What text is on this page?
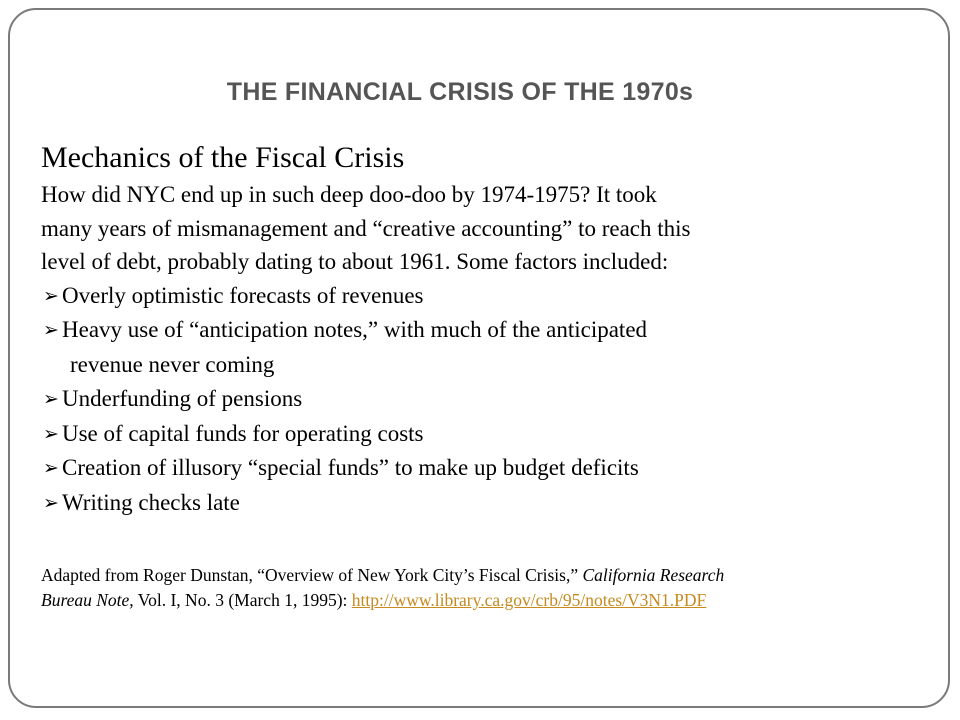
THE FINANCIAL CRISIS OF THE 1970s

Mechanics of the Fiscal Crisis

How did NYC end up in such deep doo-doo by 1974-1975? It took

many years of mismanagement and “creative accounting” to reach this

level of debt, probably dating to about 1961. Some factors included:

➢ Overly optimistic forecasts of revenues
➢ Heavy use of “anticipation notes,” with much of the anticipated
revenue never coming
➢ Underfunding of pensions
➢ Use of capital funds for operating costs
➢ Creation of illusory “special funds” to make up budget deficits
➢ Writing checks late
Adapted from Roger Dunstan, “Overview of New York City’s Fiscal Crisis,” California Research
Bureau Note, Vol. I, No. 3 (March 1, 1995): http://www.library.ca.gov/crb/95/notes/V3N1.PDF
